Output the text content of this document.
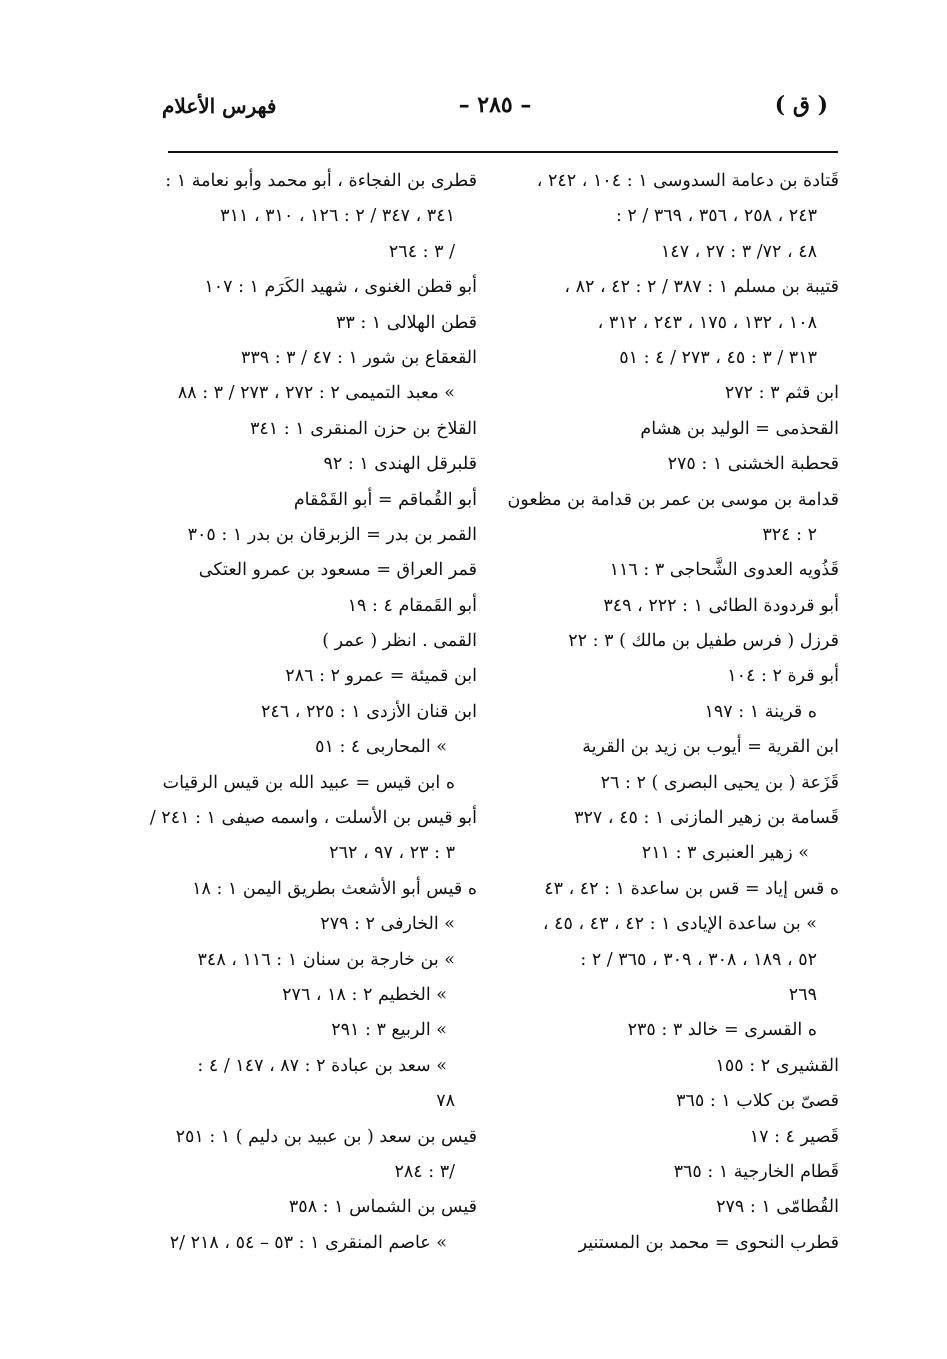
( ق )
– ٢٨٥ –
فهرس الأعلام
قَتادة بن دعامة السدوسى ١ : ١٠٤ ، ٢٤٢ ،
٢٤٣ ، ٢٥٨ ، ٣٥٦ ، ٣٦٩ / ٢ :
٤٨ ، ٧٢/ ٣ : ٢٧ ، ١٤٧
قتيبة بن مسلم ١ : ٣٨٧ / ٢ : ٤٢ ، ٨٢ ،
١٠٨ ، ١٣٢ ، ١٧٥ ، ٢٤٣ ، ٣١٢ ،
٣١٣ / ٣ : ٤٥ ، ٢٧٣ / ٤ : ٥١
ابن قثم ٣ : ٢٧٢
القحذمى = الوليد بن هشام
قحطبة الخشنى ١ : ٢٧٥
قدامة بن موسى بن عمر بن قدامة بن مظعون
٢ : ٣٢٤
قَذُويه العدوى الشَّحاجى ٣ : ١١٦
أبو قردودة الطائى ١ : ٢٢٢ ، ٣٤٩
قرزل ( فرس طفيل بن مالك ) ٣ : ٢٢
أبو قرة ٢ : ١٠٤
ه قرينة ١ : ١٩٧
ابن القرية = أيوب بن زيد بن القرية
قَزَعة ( بن يحيى البصرى ) ٢ : ٢٦
قَسامة بن زهير المازنى ١ : ٤٥ ، ٣٢٧
» زهير العنبرى ٣ : ٢١١
ه قس إياد = قس بن ساعدة ١ : ٤٢ ، ٤٣
» بن ساعدة الإيادى ١ : ٤٢ ، ٤٣ ، ٤٥ ،
٥٢ ، ١٨٩ ، ٣٠٨ ، ٣٠٩ ، ٣٦٥ / ٢ :
٢٦٩
ه القسرى = خالد ٣ : ٢٣٥
القشيرى ٢ : ١٥٥
قصىّ بن كلاب ١ : ٣٦٥
قَصير ٤ : ١٧
قَطام الخارجية ١ : ٣٦٥
القُطامّى ١ : ٢٧٩
قطرب النحوى = محمد بن المستنير
قطرى بن الفجاءة ، أبو محمد وأبو نعامة ١ :
٣٤١ ، ٣٤٧ / ٢ : ١٢٦ ، ٣١٠ ، ٣١١
/ ٣ : ٢٦٤
أبو قطن الغنوى ، شهيد الكَرَم ١ : ١٠٧
قطن الهلالى ١ : ٣٣
القعقاع بن شور ١ : ٤٧ / ٣ : ٣٣٩
» معبد التميمى ٢ : ٢٧٢ ، ٢٧٣ / ٣ : ٨٨
القلاخ بن حزن المنقرى ١ : ٣٤١
قلبرقل الهندى ١ : ٩٢
أبو القُماقم = أبو القَمْقام
القمر بن بدر = الزبرقان بن بدر ١ : ٣٠٥
قمر العراق = مسعود بن عمرو العتكى
أبو القَمقام ٤ : ١٩
القمى . انظر ( عمر )
ابن قميئة = عمرو ٢ : ٢٨٦
ابن قنان الأزدى ١ : ٢٢٥ ، ٢٤٦
» المحاربى ٤ : ٥١
ه ابن قيس = عبيد الله بن قيس الرقيات
أبو قيس بن الأسلت ، واسمه صيفى ١ : ٢٤١ /
٣ : ٢٣ ، ٩٧ ، ٢٦٢
ه قيس أبو الأشعث بطريق اليمن ١ : ١٨
» الخارفى ٢ : ٢٧٩
» بن خارجة بن سنان ١ : ١١٦ ، ٣٤٨
» الخطيم ٢ : ١٨ ، ٢٧٦
» الربيع ٣ : ٢٩١
» سعد بن عبادة ٢ : ٨٧ ، ١٤٧ / ٤ :
٧٨
قيس بن سعد ( بن عبيد بن دليم ) ١ : ٢٥١
/٣ : ٢٨٤
قيس بن الشماس ١ : ٣٥٨
» عاصم المنقرى ١ : ٥٣ – ٥٤ ، ٢١٨ /٢
